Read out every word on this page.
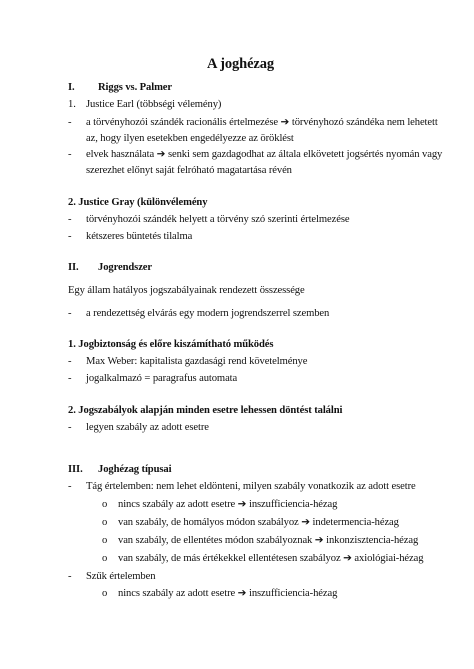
A joghézag
I. Riggs vs. Palmer
1. Justice Earl (többségi vélemény)
- a törvényhozói szándék racionális értelmezése ➔ törvényhozó szándéka nem lehetett
az, hogy ilyen esetekben engedélyezze az öröklést
- elvek használata ➔ senki sem gazdagodhat az általa elkövetett jogsértés nyomán vagy
szerezhet előnyt saját felróható magatartása révén
2. Justice Gray (különvélemény
- törvényhozói szándék helyett a törvény szó szerinti értelmezése
- kétszeres büntetés tilalma
II. Jogrendszer
Egy állam hatályos jogszabályainak rendezett összessége
- a rendezettség elvárás egy modern jogrendszerrel szemben
1. Jogbiztonság és előre kiszámítható működés
- Max Weber: kapitalista gazdasági rend követelménye
- jogalkalmazó = paragrafus automata
2. Jogszabályok alapján minden esetre lehessen döntést találni
- legyen szabály az adott esetre
III. Joghézag típusai
- Tág értelemben: nem lehet eldönteni, milyen szabály vonatkozik az adott esetre
o nincs szabály az adott esetre ➔ inszufficiencia-hézag
o van szabály, de homályos módon szabályoz ➔ indetermencia-hézag
o van szabály, de ellentétes módon szabályoznak ➔ inkonzisztencia-hézag
o van szabály, de más értékekkel ellentétesen szabályoz ➔ axiológiai-hézag
- Szűk értelemben
o nincs szabály az adott esetre ➔ inszufficiencia-hézag
